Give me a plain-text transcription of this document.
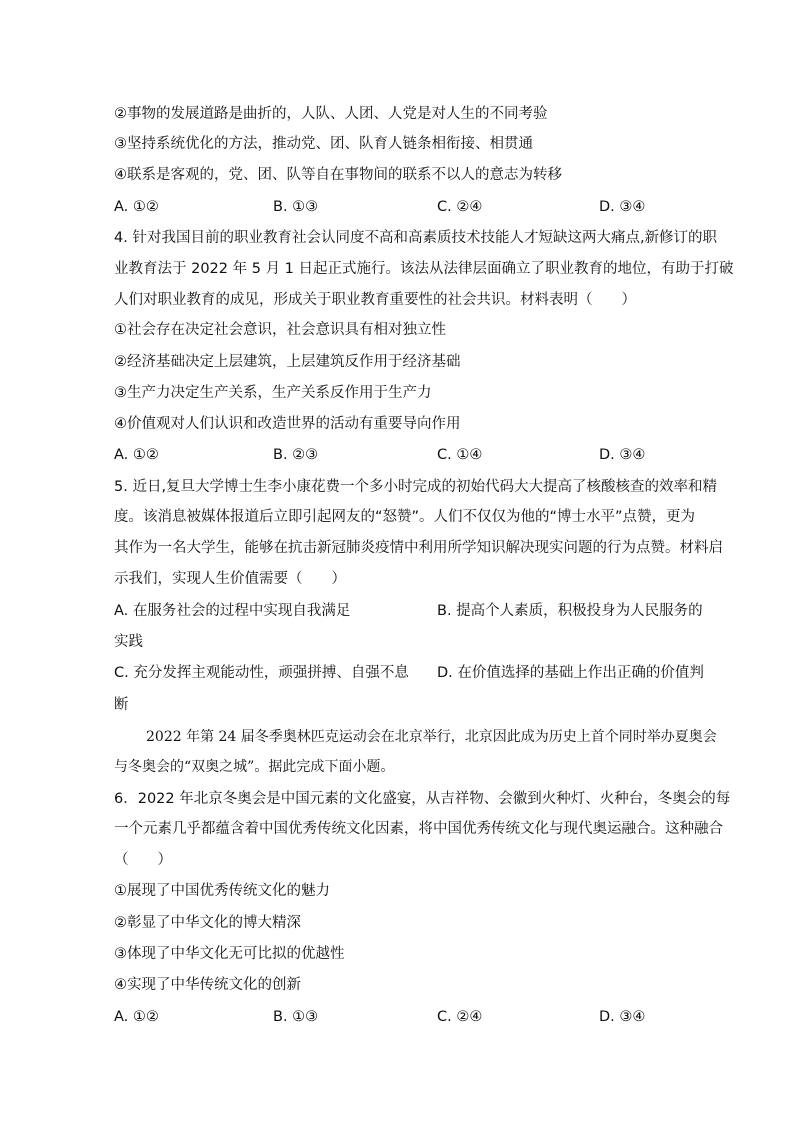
②事物的发展道路是曲折的，人队、人团、人党是对人生的不同考验
③坚持系统优化的方法，推动党、团、队育人链条相衔接、相贯通
④联系是客观的，党、团、队等自在事物间的联系不以人的意志为转移
A. ①②	B. ①③	C. ②④	D. ③④
4. 针对我国目前的职业教育社会认同度不高和高素质技术技能人才短缺这两大痛点,新修订的职
业教育法于 2022 年 5 月 1 日起正式施行。该法从法律层面确立了职业教育的地位，有助于打破
人们对职业教育的成见，形成关于职业教育重要性的社会共识。材料表明（　　）
①社会存在决定社会意识，社会意识具有相对独立性
②经济基础决定上层建筑，上层建筑反作用于经济基础
③生产力决定生产关系，生产关系反作用于生产力
④价值观对人们认识和改造世界的活动有重要导向作用
A. ①②	B. ②③	C. ①④	D. ③④
5. 近日,复旦大学博士生李小康花费一个多小时完成的初始代码大大提高了核酸核查的效率和精
度。该消息被媒体报道后立即引起网友的“怒赞”。人们不仅仅为他的“博士水平”点赞，更为
其作为一名大学生，能够在抗击新冠肺炎疫情中利用所学知识解决现实问题的行为点赞。材料启
示我们，实现人生价值需要（　　）
A. 在服务社会的过程中实现自我满足	B. 提高个人素质，积极投身为人民服务的
实践
C. 充分发挥主观能动性，顽强拼搏、自强不息 D. 在价值选择的基础上作出正确的价值判
断
2022 年第 24 届冬季奥林匹克运动会在北京举行，北京因此成为历史上首个同时举办夏奥会
与冬奥会的“双奥之城”。据此完成下面小题。
6．2022 年北京冬奥会是中国元素的文化盛宴，从吉祥物、会徽到火种灯、火种台，冬奥会的每
一个元素几乎都蕴含着中国优秀传统文化因素，将中国优秀传统文化与现代奥运融合。这种融合
（　　）
①展现了中国优秀传统文化的魅力
②彰显了中华文化的博大精深
③体现了中华文化无可比拟的优越性
④实现了中华传统文化的创新
A. ①②	B. ①③	C. ②④	D. ③④
